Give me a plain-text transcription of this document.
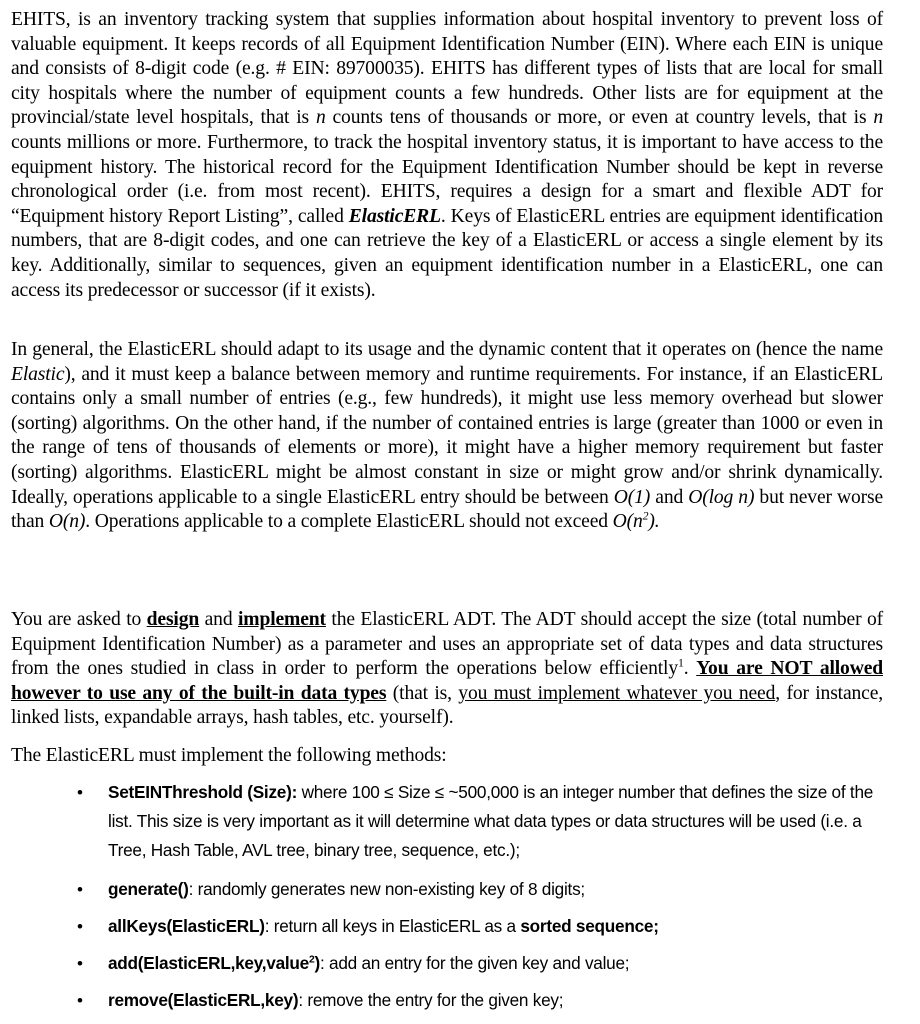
EHITS, is an inventory tracking system that supplies information about hospital inventory to prevent loss of valuable equipment. It keeps records of all Equipment Identification Number (EIN). Where each EIN is unique and consists of 8-digit code (e.g. # EIN: 89700035). EHITS has different types of lists that are local for small city hospitals where the number of equipment counts a few hundreds. Other lists are for equipment at the provincial/state level hospitals, that is n counts tens of thousands or more, or even at country levels, that is n counts millions or more. Furthermore, to track the hospital inventory status, it is important to have access to the equipment history. The historical record for the Equipment Identification Number should be kept in reverse chronological order (i.e. from most recent). EHITS, requires a design for a smart and flexible ADT for “Equipment history Report Listing”, called ElasticERL. Keys of ElasticERL entries are equipment identification numbers, that are 8-digit codes, and one can retrieve the key of a ElasticERL or access a single element by its key. Additionally, similar to sequences, given an equipment identification number in a ElasticERL, one can access its predecessor or successor (if it exists).

In general, the ElasticERL should adapt to its usage and the dynamic content that it operates on (hence the name Elastic), and it must keep a balance between memory and runtime requirements. For instance, if an ElasticERL contains only a small number of entries (e.g., few hundreds), it might use less memory overhead but slower (sorting) algorithms. On the other hand, if the number of contained entries is large (greater than 1000 or even in the range of tens of thousands of elements or more), it might have a higher memory requirement but faster (sorting) algorithms. ElasticERL might be almost constant in size or might grow and/or shrink dynamically. Ideally, operations applicable to a single ElasticERL entry should be between O(1) and O(log n) but never worse than O(n). Operations applicable to a complete ElasticERL should not exceed $O(n^2)$.

You are asked to design and implement the ElasticERL ADT. The ADT should accept the size (total number of Equipment Identification Number) as a parameter and uses an appropriate set of data types and data structures from the ones studied in class in order to perform the operations below efficiently$^1$. You are NOT allowed however to use any of the built-in data types (that is, you must implement whatever you need, for instance, linked lists, expandable arrays, hash tables, etc. yourself).

The ElasticERL must implement the following methods:

• SetEINThreshold (Size): where 100 ≤ Size ≤ ~500,000 is an integer number that defines the size of the list. This size is very important as it will determine what data types or data structures will be used (i.e. a Tree, Hash Table, AVL tree, binary tree, sequence, etc.);
• generate(): randomly generates new non-existing key of 8 digits;
• allKeys(ElasticERL): return all keys in ElasticERL as a sorted sequence;
• add(ElasticERL,key,value$^2$): add an entry for the given key and value;
• remove(ElasticERL,key): remove the entry for the given key;
